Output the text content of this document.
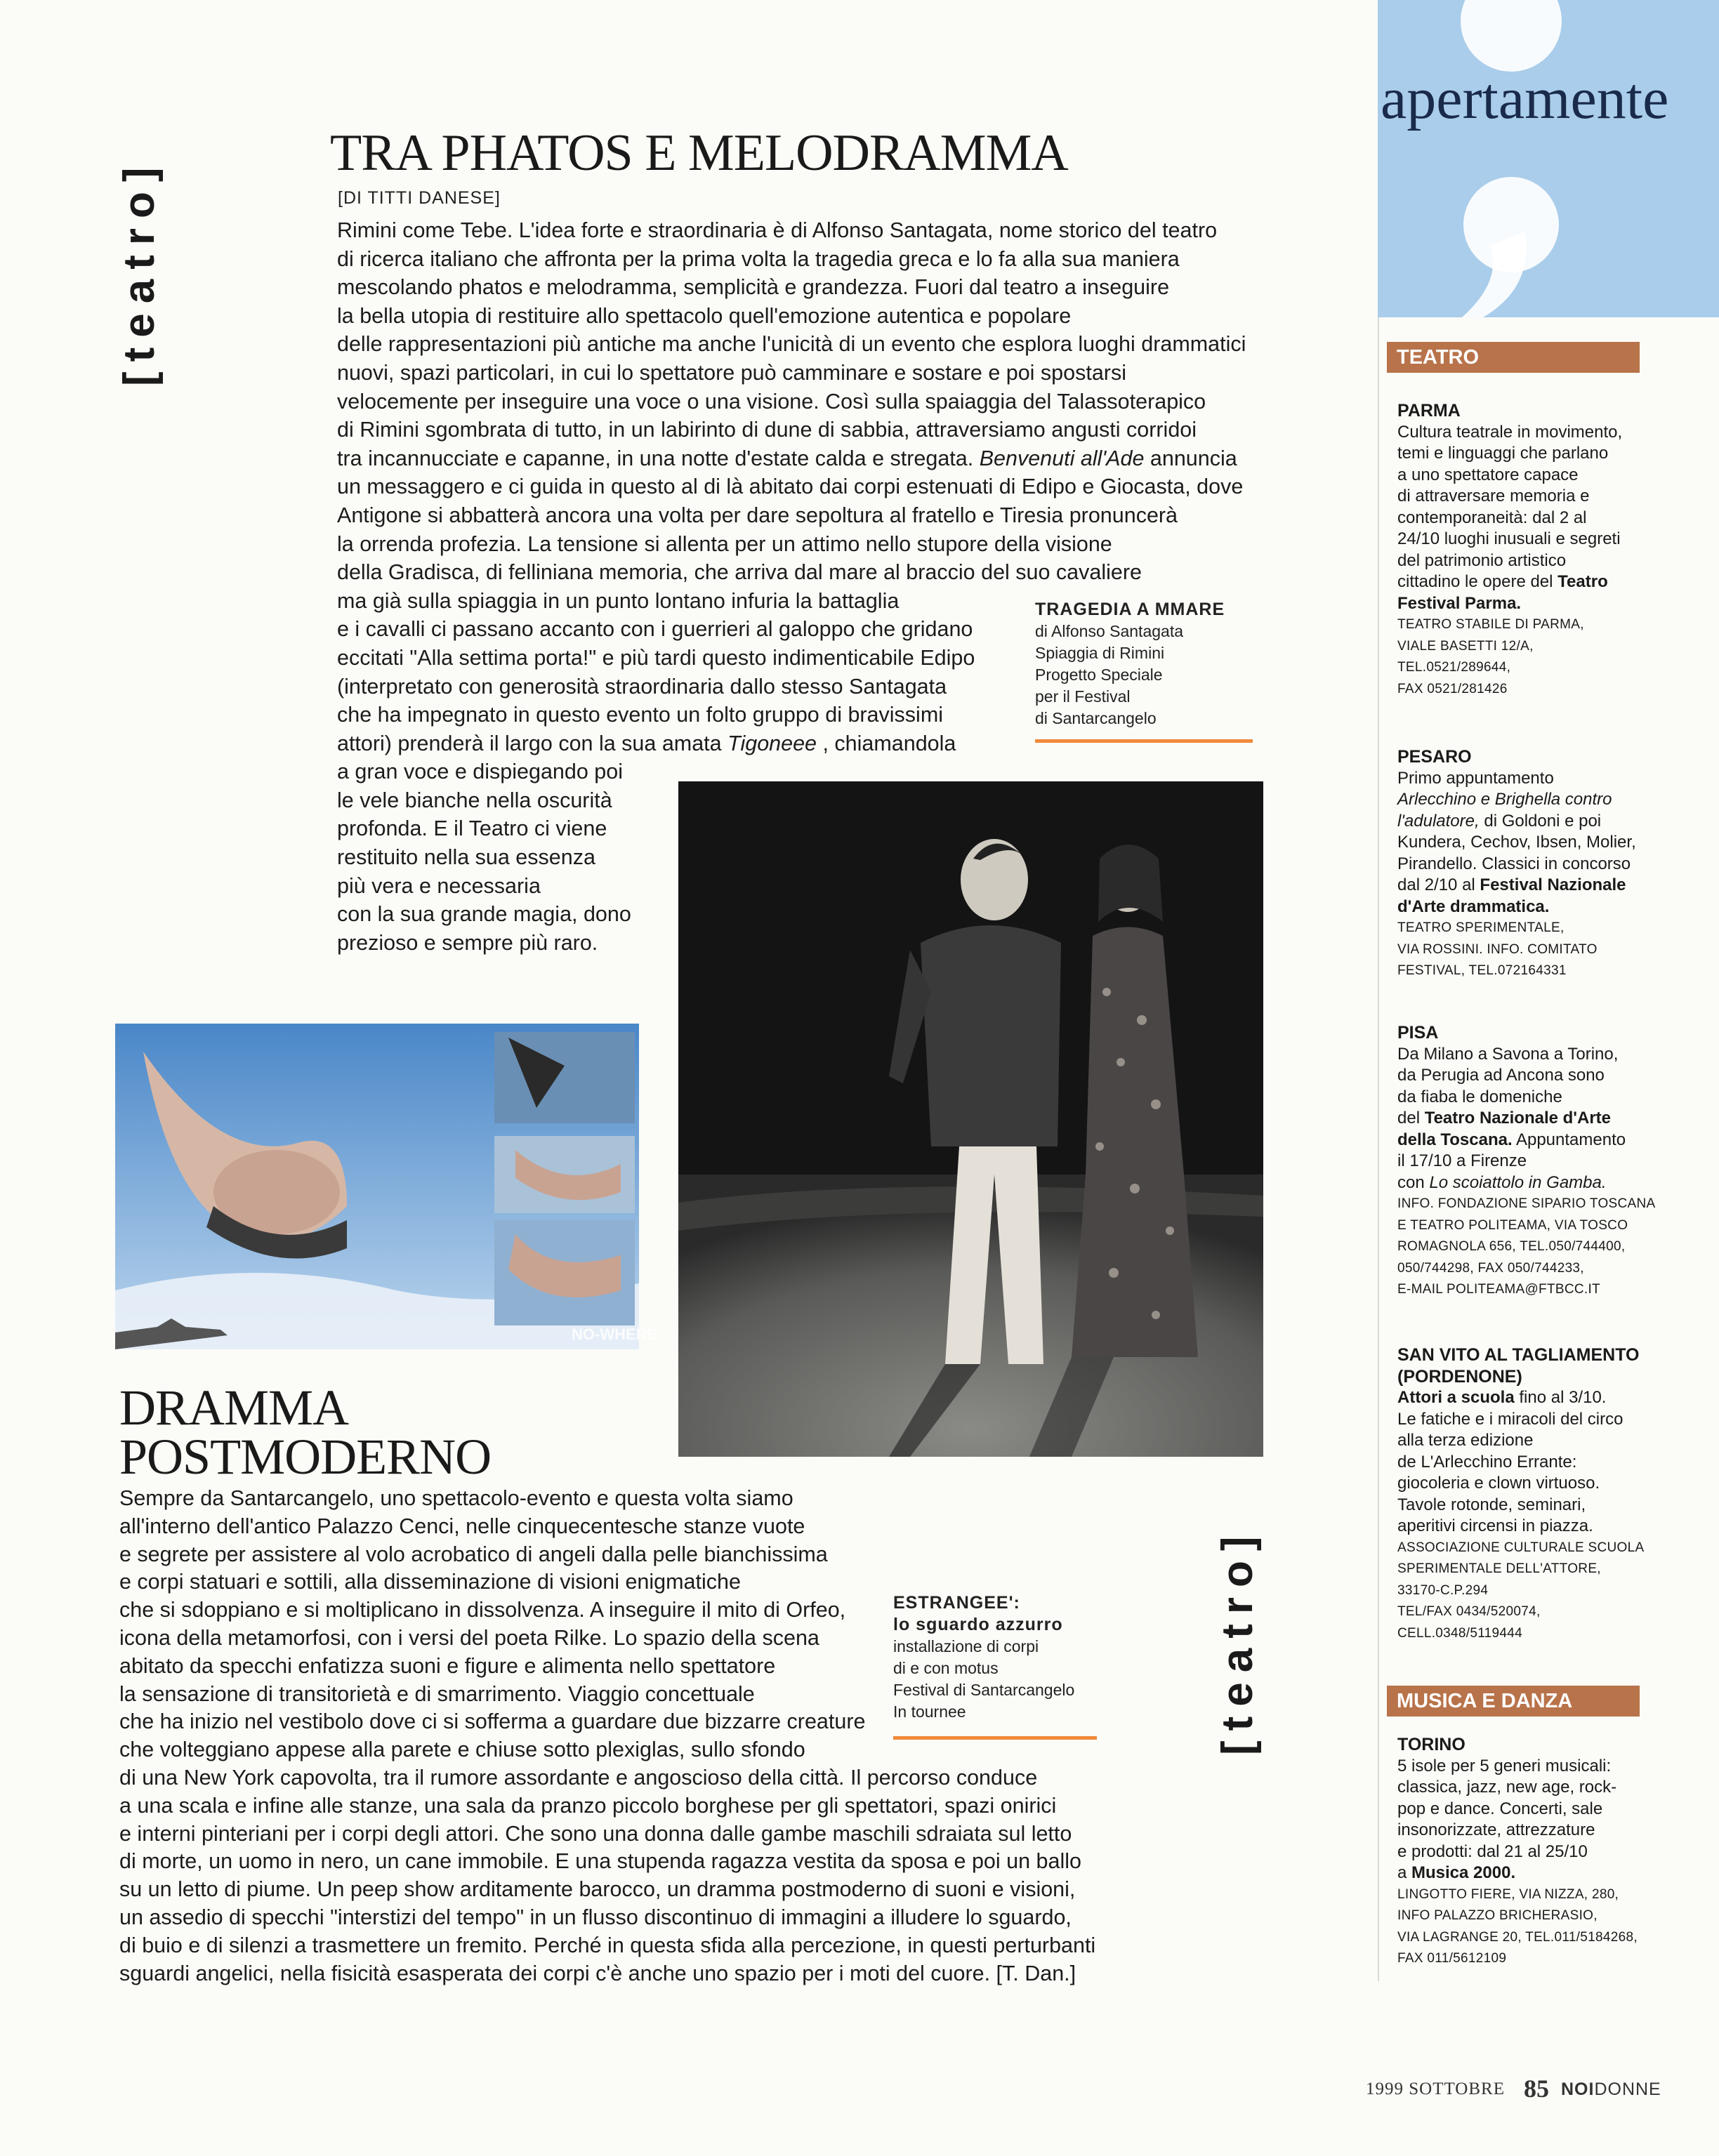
[teatro]
[teatro]
apertamente
TRA PHATOS E MELODRAMMA
[DI TITTI DANESE]
Rimini come Tebe. L'idea forte e straordinaria è di Alfonso Santagata, nome storico del teatro
di ricerca italiano che affronta per la prima volta la tragedia greca e lo fa alla sua maniera
mescolando phatos e melodramma, semplicità e grandezza. Fuori dal teatro a inseguire
la bella utopia di restituire allo spettacolo quell'emozione autentica e popolare
delle rappresentazioni più antiche ma anche l'unicità di un evento che esplora luoghi drammatici
nuovi, spazi particolari, in cui lo spettatore può camminare e sostare e poi spostarsi
velocemente per inseguire una voce o una visione. Così sulla spaiaggia del Talassoterapico
di Rimini sgombrata di tutto, in un labirinto di dune di sabbia, attraversiamo angusti corridoi
tra incannucciate e capanne, in una notte d'estate calda e stregata. Benvenuti all'Ade annuncia
un messaggero e ci guida in questo al di là abitato dai corpi estenuati di Edipo e Giocasta, dove
Antigone si abbatterà ancora una volta per dare sepoltura al fratello e Tiresia pronuncerà
la orrenda profezia. La tensione si allenta per un attimo nello stupore della visione
della Gradisca, di felliniana memoria, che arriva dal mare al braccio del suo cavaliere
ma già sulla spiaggia in un punto lontano infuria la battaglia
e i cavalli ci passano accanto con i guerrieri al galoppo che gridano
eccitati "Alla settima porta!" e più tardi questo indimenticabile Edipo
(interpretato con generosità straordinaria dallo stesso Santagata
che ha impegnato in questo evento un folto gruppo di bravissimi
attori) prenderà il largo con la sua amata Tigoneee , chiamandola
a gran voce e dispiegando poi
le vele bianche nella oscurità
profonda. E il Teatro ci viene
restituito nella sua essenza
più vera e necessaria
con la sua grande magia, dono
prezioso e sempre più raro.
TRAGEDIA A MMARE
di Alfonso Santagata
Spiaggia di Rimini
Progetto Speciale
per il Festival
di Santarcangelo
NO-WHERE
DRAMMA
POSTMODERNO
Sempre da Santarcangelo, uno spettacolo-evento e questa volta siamo
all'interno dell'antico Palazzo Cenci, nelle cinquecentesche stanze vuote
e segrete per assistere al volo acrobatico di angeli dalla pelle bianchissima
e corpi statuari e sottili, alla disseminazione di visioni enigmatiche
che si sdoppiano e si moltiplicano in dissolvenza. A inseguire il mito di Orfeo,
icona della metamorfosi, con i versi del poeta Rilke. Lo spazio della scena
abitato da specchi enfatizza suoni e figure e alimenta nello spettatore
la sensazione di transitorietà e di smarrimento. Viaggio concettuale
che ha inizio nel vestibolo dove ci si sofferma a guardare due bizzarre creature
che volteggiano appese alla parete e chiuse sotto plexiglas, sullo sfondo
di una New York capovolta, tra il rumore assordante e angoscioso della città. Il percorso conduce
a una scala e infine alle stanze, una sala da pranzo piccolo borghese per gli spettatori, spazi onirici
e interni pinteriani per i corpi degli attori. Che sono una donna dalle gambe maschili sdraiata sul letto
di morte, un uomo in nero, un cane immobile. E una stupenda ragazza vestita da sposa e poi un ballo
su un letto di piume. Un peep show arditamente barocco, un dramma postmoderno di suoni e visioni,
un assedio di specchi "interstizi del tempo" in un flusso discontinuo di immagini a illudere lo sguardo,
di buio e di silenzi a trasmettere un fremito. Perché in questa sfida alla percezione, in questi perturbanti
sguardi angelici, nella fisicità esasperata dei corpi c'è anche uno spazio per i moti del cuore. [T. Dan.]
ESTRANGEE':
lo sguardo azzurro
installazione di corpi
di e con motus
Festival di Santarcangelo
In tournee
TEATRO
PARMA
Cultura teatrale in movimento,
temi e linguaggi che parlano
a uno spettatore capace
di attraversare memoria e
contemporaneità: dal 2 al
24/10 luoghi inusuali e segreti
del patrimonio artistico
cittadino le opere del Teatro
Festival Parma.
TEATRO STABILE DI PARMA,
VIALE BASETTI 12/A,
TEL.0521/289644,
FAX 0521/281426
PESARO
Primo appuntamento
Arlecchino e Brighella contro
l'adulatore, di Goldoni e poi
Kundera, Cechov, Ibsen, Molier,
Pirandello. Classici in concorso
dal 2/10 al Festival Nazionale
d'Arte drammatica.
TEATRO SPERIMENTALE,
VIA ROSSINI. INFO. COMITATO
FESTIVAL, TEL.072164331
PISA
Da Milano a Savona a Torino,
da Perugia ad Ancona sono
da fiaba le domeniche
del Teatro Nazionale d'Arte
della Toscana. Appuntamento
il 17/10 a Firenze
con Lo scoiattolo in Gamba.
INFO. FONDAZIONE SIPARIO TOSCANA
E TEATRO POLITEAMA, VIA TOSCO
ROMAGNOLA 656, TEL.050/744400,
050/744298, FAX 050/744233,
E-MAIL POLITEAMA@FTBCC.IT
SAN VITO AL TAGLIAMENTO
(PORDENONE)
Attori a scuola fino al 3/10.
Le fatiche e i miracoli del circo
alla terza edizione
de L'Arlecchino Errante:
giocoleria e clown virtuoso.
Tavole rotonde, seminari,
aperitivi circensi in piazza.
ASSOCIAZIONE CULTURALE SCUOLA
SPERIMENTALE DELL'ATTORE,
33170-C.P.294
TEL/FAX 0434/520074,
CELL.0348/5119444
MUSICA E DANZA
TORINO
5 isole per 5 generi musicali:
classica, jazz, new age, rock-
pop e dance. Concerti, sale
insonorizzate, attrezzature
e prodotti: dal 21 al 25/10
a Musica 2000.
LINGOTTO FIERE, VIA NIZZA, 280,
INFO PALAZZO BRICHERASIO,
VIA LAGRANGE 20, TEL.011/5184268,
FAX 011/5612109
1999 SOTTOBRE 85 NOIDONNE
